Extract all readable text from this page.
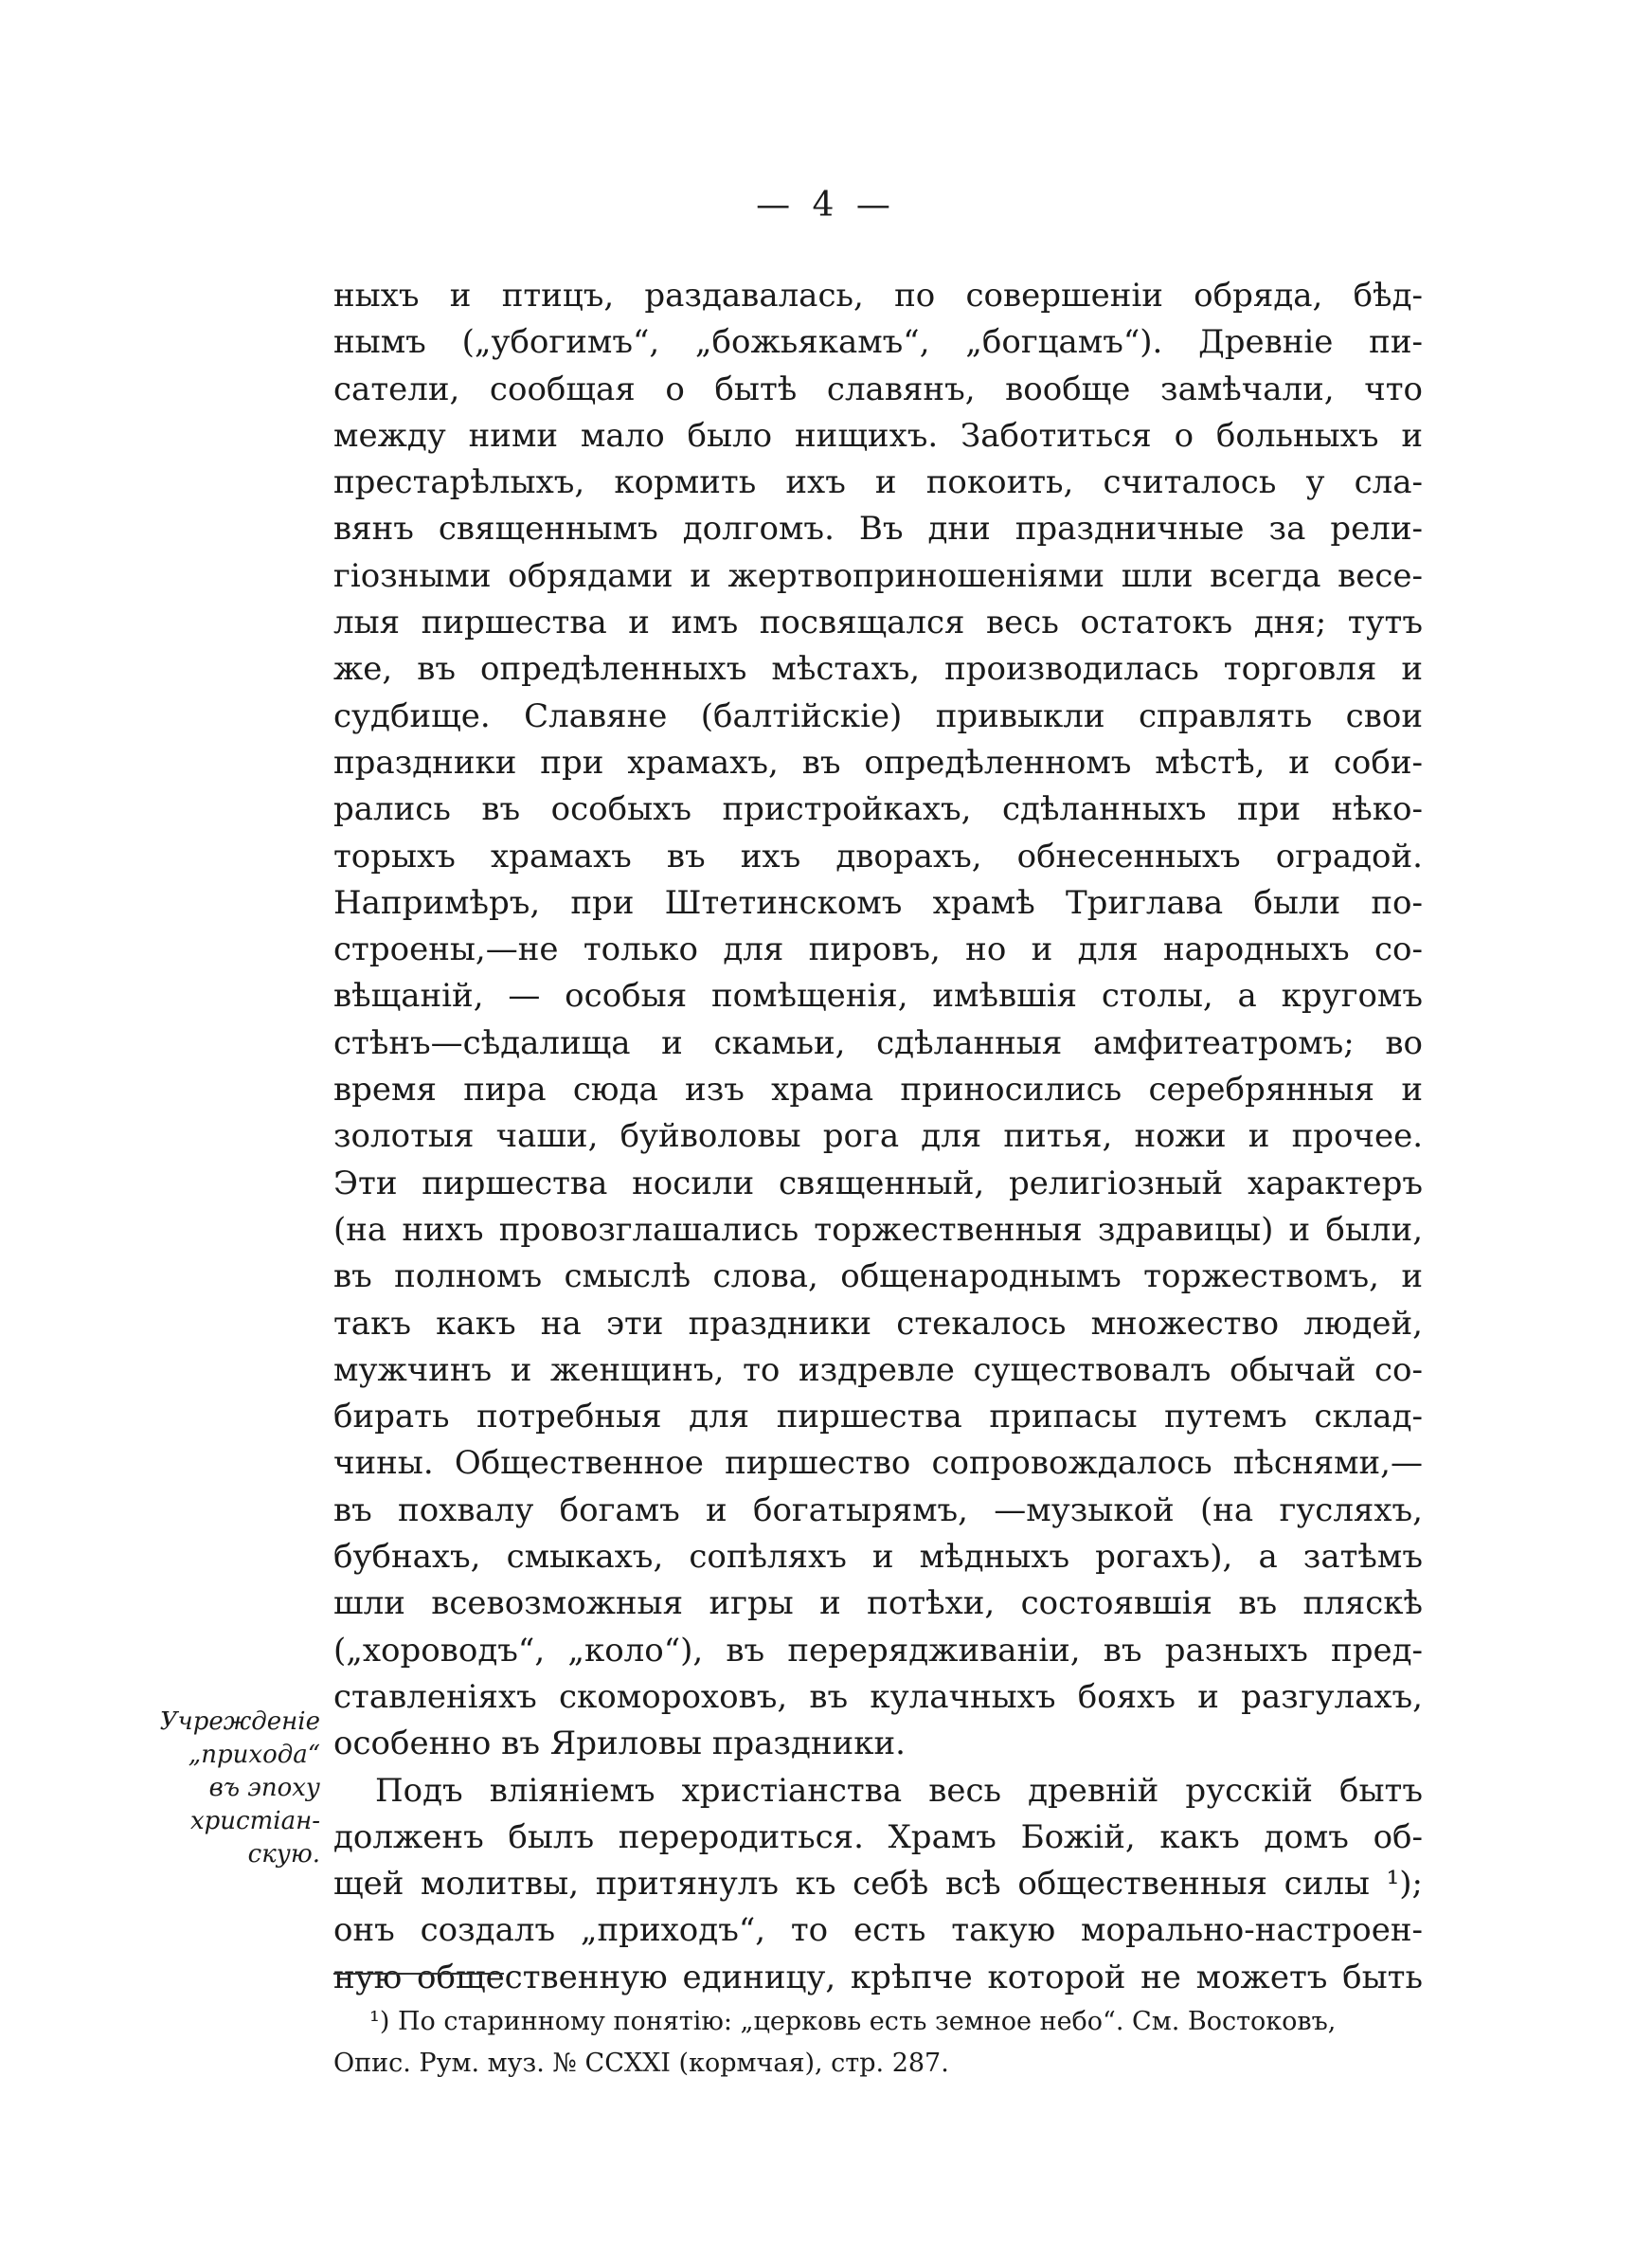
— 4 —
ныхъ и птицъ, раздавалась, по совершеніи обряда, бѣд-
нымъ („убогимъ“, „божьякамъ“, „богцамъ“). Древніе пи-
сатели, сообщая о бытѣ славянъ, вообще замѣчали, что
между ними мало было нищихъ. Заботиться о больныхъ и
престарѣлыхъ, кормить ихъ и покоить, считалось у сла-
вянъ священнымъ долгомъ. Въ дни праздничные за рели-
гіозными обрядами и жертвоприношеніями шли всегда весе-
лыя пиршества и имъ посвящался весь остатокъ дня; тутъ
же, въ опредѣленныхъ мѣстахъ, производилась торговля и
судбище. Славяне (балтійскіе) привыкли справлять свои
праздники при храмахъ, въ опредѣленномъ мѣстѣ, и соби-
рались въ особыхъ пристройкахъ, сдѣланныхъ при нѣко-
торыхъ храмахъ въ ихъ дворахъ, обнесенныхъ оградой.
Напримѣръ, при Штетинскомъ храмѣ Триглава были по-
строены,—не только для пировъ, но и для народныхъ со-
вѣщаній, — особыя помѣщенія, имѣвшія столы, а кругомъ
стѣнъ—сѣдалища и скамьи, сдѣланныя амфитеатромъ; во
время пира сюда изъ храма приносились серебрянныя и
золотыя чаши, буйволовы рога для питья, ножи и прочее.
Эти пиршества носили священный, религіозный характеръ
(на нихъ провозглашались торжественныя здравицы) и были,
въ полномъ смыслѣ слова, общенароднымъ торжествомъ, и
такъ какъ на эти праздники стекалось множество людей,
мужчинъ и женщинъ, то издревле существовалъ обычай со-
бирать потребныя для пиршества припасы путемъ склад-
чины. Общественное пиршество сопровождалось пѣснями,—
въ похвалу богамъ и богатырямъ, —музыкой (на гусляхъ,
бубнахъ, смыкахъ, сопѣляхъ и мѣдныхъ рогахъ), а затѣмъ
шли всевозможныя игры и потѣхи, состоявшія въ пляскѣ
(„хороводъ“, „коло“), въ перерядживаніи, въ разныхъ пред-
ставленіяхъ скомороховъ, въ кулачныхъ бояхъ и разгулахъ,
особенно въ Яриловы праздники.
Подъ вліяніемъ христіанства весь древній русскій бытъ
долженъ былъ переродиться. Храмъ Божій, какъ домъ об-
щей молитвы, притянулъ къ себѣ всѣ общественныя силы ¹);
онъ создалъ „приходъ“, то есть такую морально-настроен-
ную общественную единицу, крѣпче которой не можетъ быть
Учрежденіе
„прихода“
въ эпоху
христіан-
скую.
¹) По старинному понятію: „церковь есть земное небо“. См. Востоковъ,
Опис. Рум. муз. № CCXXI (кормчая), стр. 287.
